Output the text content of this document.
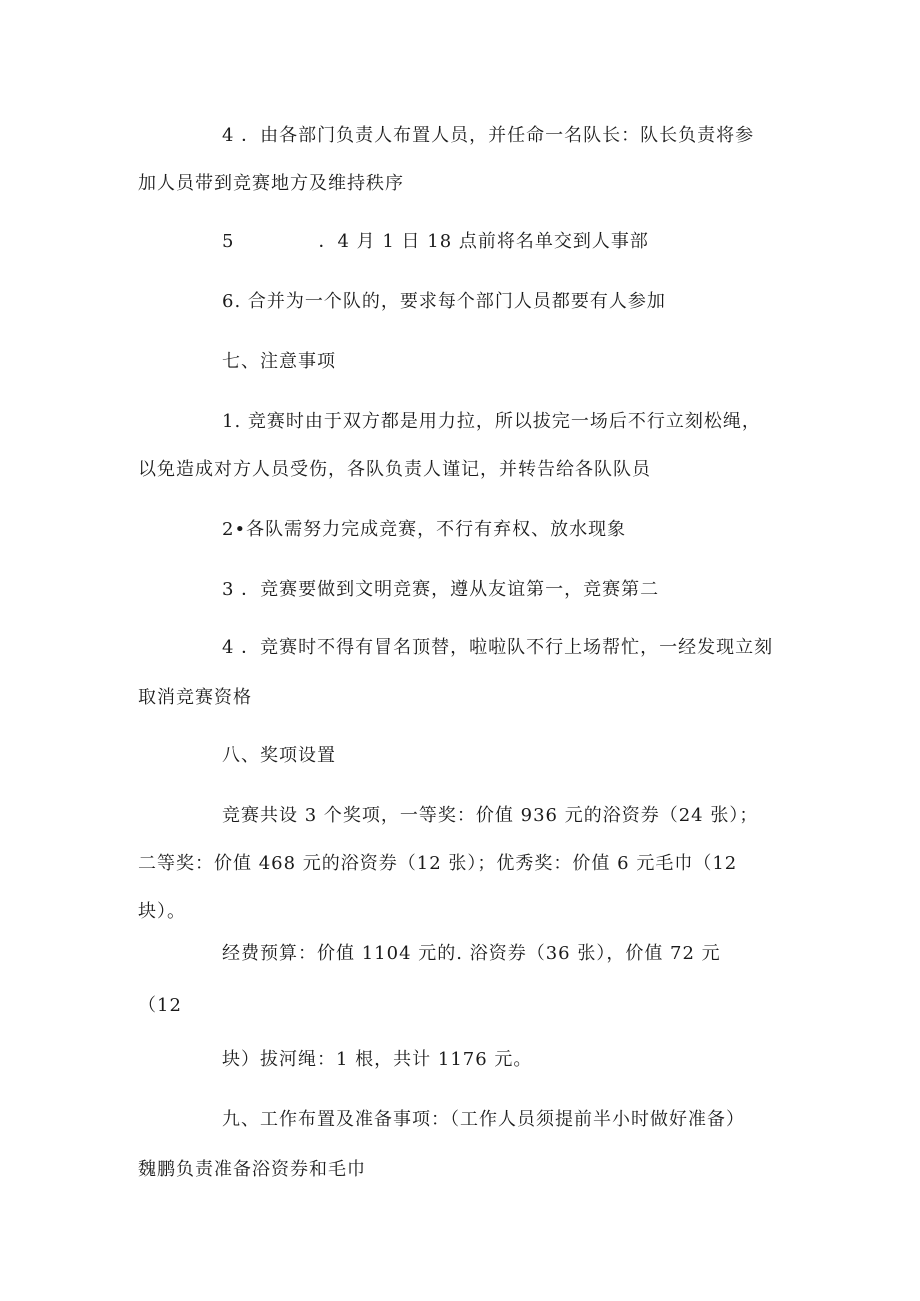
4 ．由各部门负责人布置人员，并任命一名队长：队长负责将参
加人员带到竞赛地方及维持秩序
5	．4 月 1 日 18 点前将名单交到人事部
6. 合并为一个队的，要求每个部门人员都要有人参加
七、注意事项
1. 竞赛时由于双方都是用力拉，所以拔完一场后不行立刻松绳，
以免造成对方人员受伤，各队负责人谨记，并转告给各队队员
2•各队需努力完成竞赛，不行有弃权、放水现象
3 ．竞赛要做到文明竞赛，遵从友谊第一，竞赛第二
4 ．竞赛时不得有冒名顶替，啦啦队不行上场帮忙，一经发现立刻
取消竞赛资格
八、奖项设置
竞赛共设 3 个奖项，一等奖：价值 936 元的浴资券（24 张）；
二等奖：价值 468 元的浴资券（12 张）；优秀奖：价值 6 元毛巾（12
块）。
经费预算：价值 1104 元的. 浴资券（36 张），价值 72 元
（12
块）拔河绳：1 根，共计 1176 元。
九、工作布置及准备事项：（工作人员须提前半小时做好准备）
魏鹏负责准备浴资券和毛巾
